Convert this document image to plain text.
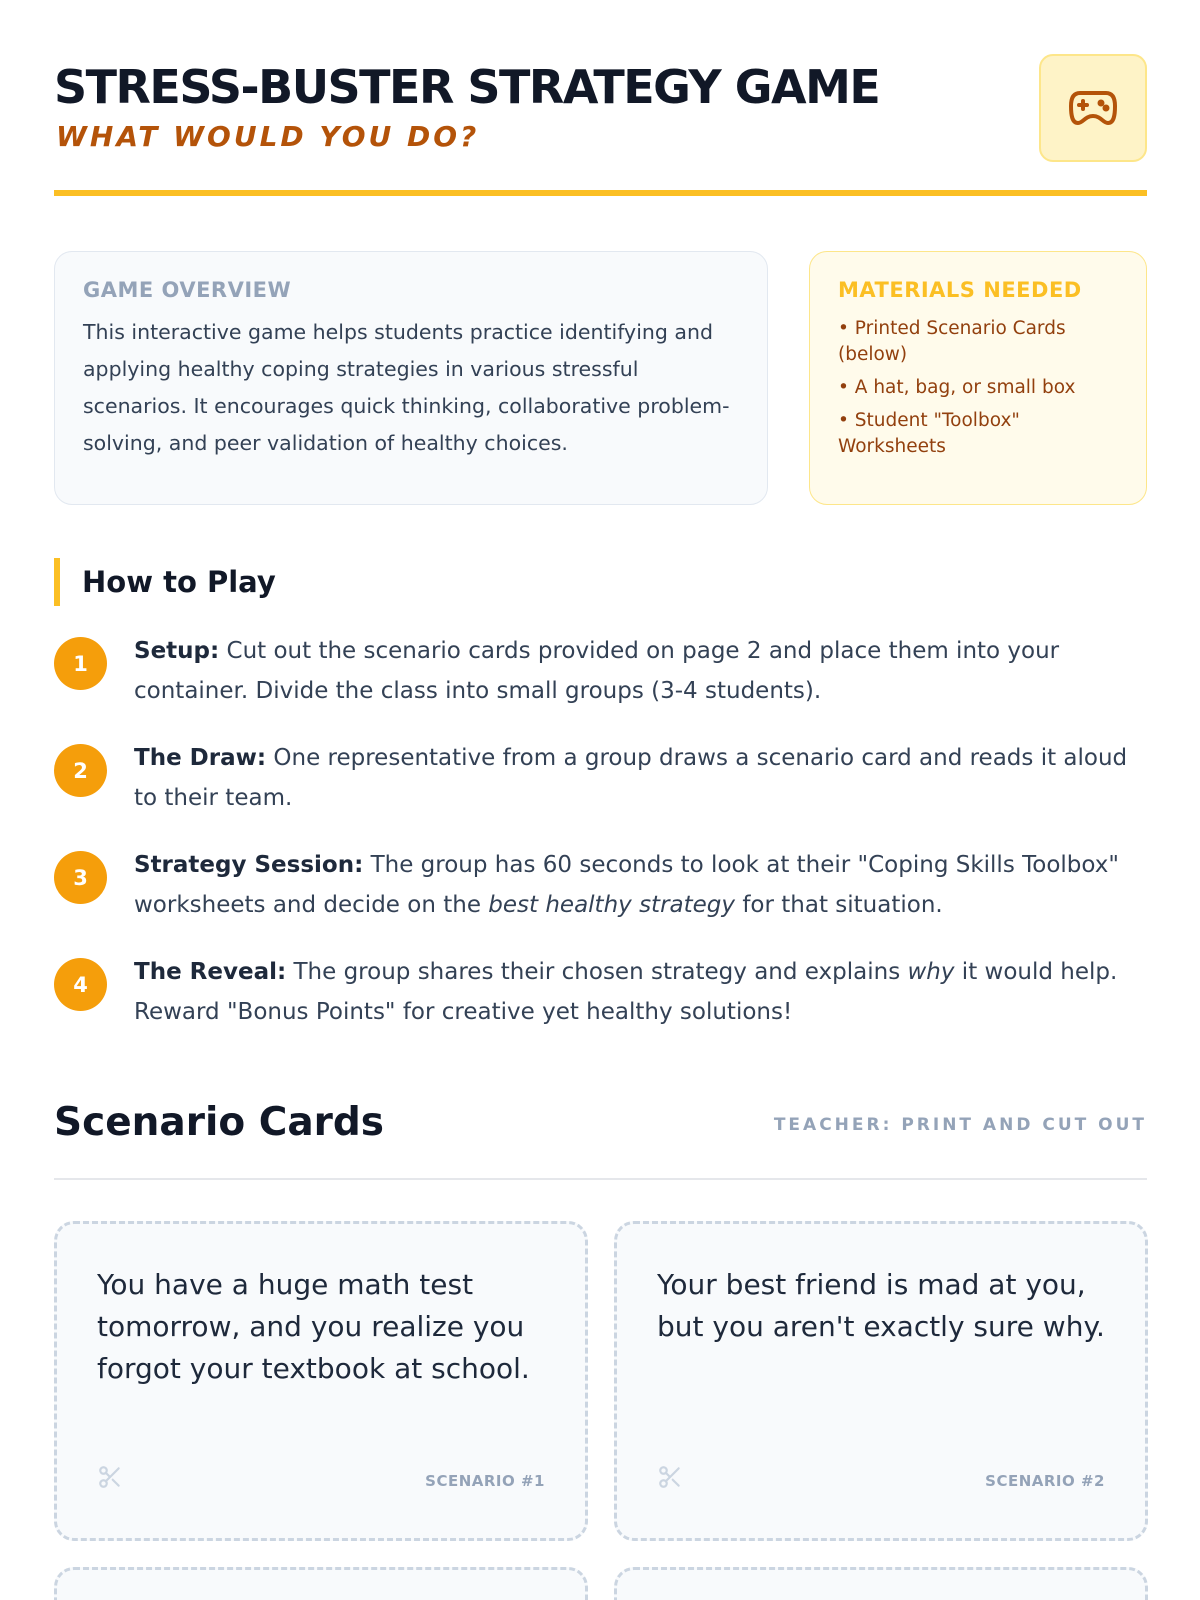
STRESS-BUSTER STRATEGY GAME
WHAT WOULD YOU DO?
GAME OVERVIEW

This interactive game helps students practice identifying and applying healthy coping strategies in various stressful scenarios. It encourages quick thinking, collaborative problem-solving, and peer validation of healthy choices.

MATERIALS NEEDED
• Printed Scenario Cards (below)
• A hat, bag, or small box
• Student "Toolbox" Worksheets
How to Play
1	Setup: Cut out the scenario cards provided on page 2 and place them into your container. Divide the class into small groups (3-4 students).
2	The Draw: One representative from a group draws a scenario card and reads it aloud to their team.
3	Strategy Session: The group has 60 seconds to look at their "Coping Skills Toolbox" worksheets and decide on the best healthy strategy for that situation.
4	The Reveal: The group shares their chosen strategy and explains why it would help. Reward "Bonus Points" for creative yet healthy solutions!
Scenario Cards	TEACHER: PRINT AND CUT OUT
You have a huge math test tomorrow, and you realize you forgot your textbook at school.
SCENARIO #1
Your best friend is mad at you, but you aren't exactly sure why.
SCENARIO #2
